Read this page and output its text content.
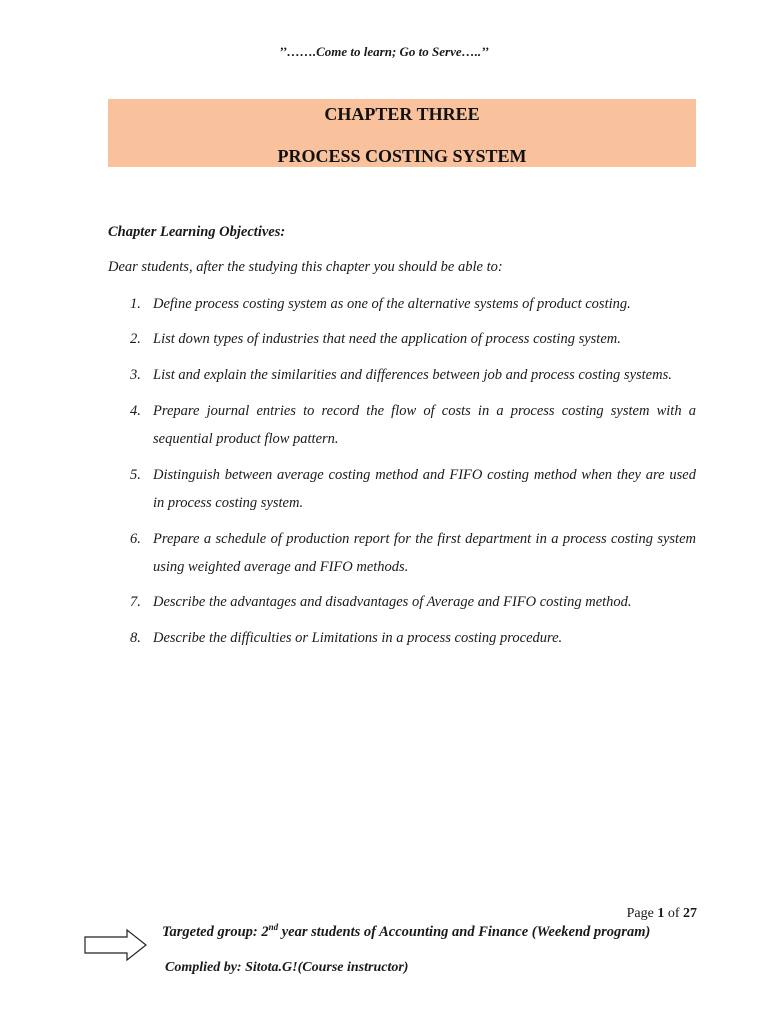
’’…….Come to learn; Go to Serve…..’’
CHAPTER THREE
PROCESS COSTING SYSTEM
Chapter Learning Objectives:
Dear students, after the studying this chapter you should be able to:
1. Define process costing system as one of the alternative systems of product costing.
2. List down types of industries that need the application of process costing system.
3. List and explain the similarities and differences between job and process costing systems.
4. Prepare journal entries to record the flow of costs in a process costing system with a sequential product flow pattern.
5. Distinguish between average costing method and FIFO costing method when they are used in process costing system.
6. Prepare a schedule of production report for the first department in a process costing system using weighted average and FIFO methods.
7. Describe the advantages and disadvantages of Average and FIFO costing method.
8. Describe the difficulties or Limitations in a process costing procedure.
Page 1 of 27
Targeted group: 2nd year students of Accounting and Finance (Weekend program)
Complied by: Sitota.G!(Course instructor)
